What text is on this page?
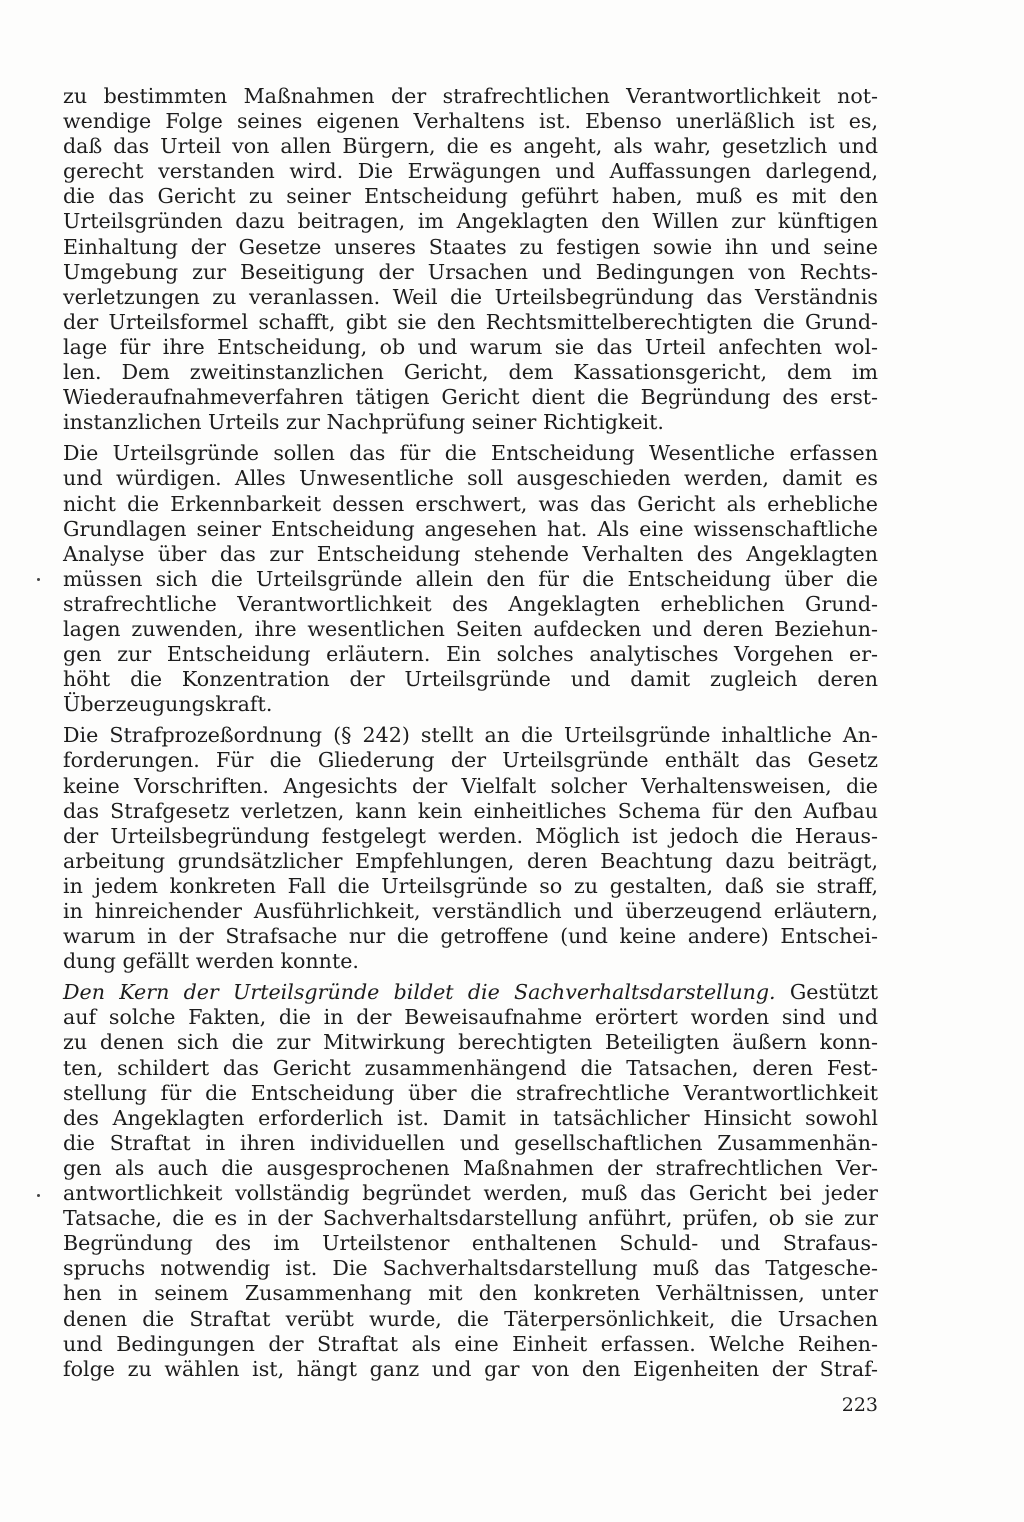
zu bestimmten Maßnahmen der strafrechtlichen Verantwortlichkeit not-
wendige Folge seines eigenen Verhaltens ist. Ebenso unerläßlich ist es,
daß das Urteil von allen Bürgern, die es angeht, als wahr, gesetzlich und
gerecht verstanden wird. Die Erwägungen und Auffassungen darlegend,
die das Gericht zu seiner Entscheidung geführt haben, muß es mit den
Urteilsgründen dazu beitragen, im Angeklagten den Willen zur künftigen
Einhaltung der Gesetze unseres Staates zu festigen sowie ihn und seine
Umgebung zur Beseitigung der Ursachen und Bedingungen von Rechts-
verletzungen zu veranlassen. Weil die Urteilsbegründung das Verständnis
der Urteilsformel schafft, gibt sie den Rechtsmittelberechtigten die Grund-
lage für ihre Entscheidung, ob und warum sie das Urteil anfechten wol-
len. Dem zweitinstanzlichen Gericht, dem Kassationsgericht, dem im
Wiederaufnahmeverfahren tätigen Gericht dient die Begründung des erst-
instanzlichen Urteils zur Nachprüfung seiner Richtigkeit.
Die Urteilsgründe sollen das für die Entscheidung Wesentliche erfassen
und würdigen. Alles Unwesentliche soll ausgeschieden werden, damit es
nicht die Erkennbarkeit dessen erschwert, was das Gericht als erhebliche
Grundlagen seiner Entscheidung angesehen hat. Als eine wissenschaftliche
Analyse über das zur Entscheidung stehende Verhalten des Angeklagten
müssen sich die Urteilsgründe allein den für die Entscheidung über die
strafrechtliche Verantwortlichkeit des Angeklagten erheblichen Grund-
lagen zuwenden, ihre wesentlichen Seiten aufdecken und deren Beziehun-
gen zur Entscheidung erläutern. Ein solches analytisches Vorgehen er-
höht die Konzentration der Urteilsgründe und damit zugleich deren
Überzeugungskraft.
Die Strafprozeßordnung (§ 242) stellt an die Urteilsgründe inhaltliche An-
forderungen. Für die Gliederung der Urteilsgründe enthält das Gesetz
keine Vorschriften. Angesichts der Vielfalt solcher Verhaltensweisen, die
das Strafgesetz verletzen, kann kein einheitliches Schema für den Aufbau
der Urteilsbegründung festgelegt werden. Möglich ist jedoch die Heraus-
arbeitung grundsätzlicher Empfehlungen, deren Beachtung dazu beiträgt,
in jedem konkreten Fall die Urteilsgründe so zu gestalten, daß sie straff,
in hinreichender Ausführlichkeit, verständlich und überzeugend erläutern,
warum in der Strafsache nur die getroffene (und keine andere) Entschei-
dung gefällt werden konnte.
Den Kern der Urteilsgründe bildet die Sachverhaltsdarstellung. Gestützt
auf solche Fakten, die in der Beweisaufnahme erörtert worden sind und
zu denen sich die zur Mitwirkung berechtigten Beteiligten äußern konn-
ten, schildert das Gericht zusammenhängend die Tatsachen, deren Fest-
stellung für die Entscheidung über die strafrechtliche Verantwortlichkeit
des Angeklagten erforderlich ist. Damit in tatsächlicher Hinsicht sowohl
die Straftat in ihren individuellen und gesellschaftlichen Zusammenhän-
gen als auch die ausgesprochenen Maßnahmen der strafrechtlichen Ver-
antwortlichkeit vollständig begründet werden, muß das Gericht bei jeder
Tatsache, die es in der Sachverhaltsdarstellung anführt, prüfen, ob sie zur
Begründung des im Urteilstenor enthaltenen Schuld- und Strafaus-
spruchs notwendig ist. Die Sachverhaltsdarstellung muß das Tatgesche-
hen in seinem Zusammenhang mit den konkreten Verhältnissen, unter
denen die Straftat verübt wurde, die Täterpersönlichkeit, die Ursachen
und Bedingungen der Straftat als eine Einheit erfassen. Welche Reihen-
folge zu wählen ist, hängt ganz und gar von den Eigenheiten der Straf-
223
